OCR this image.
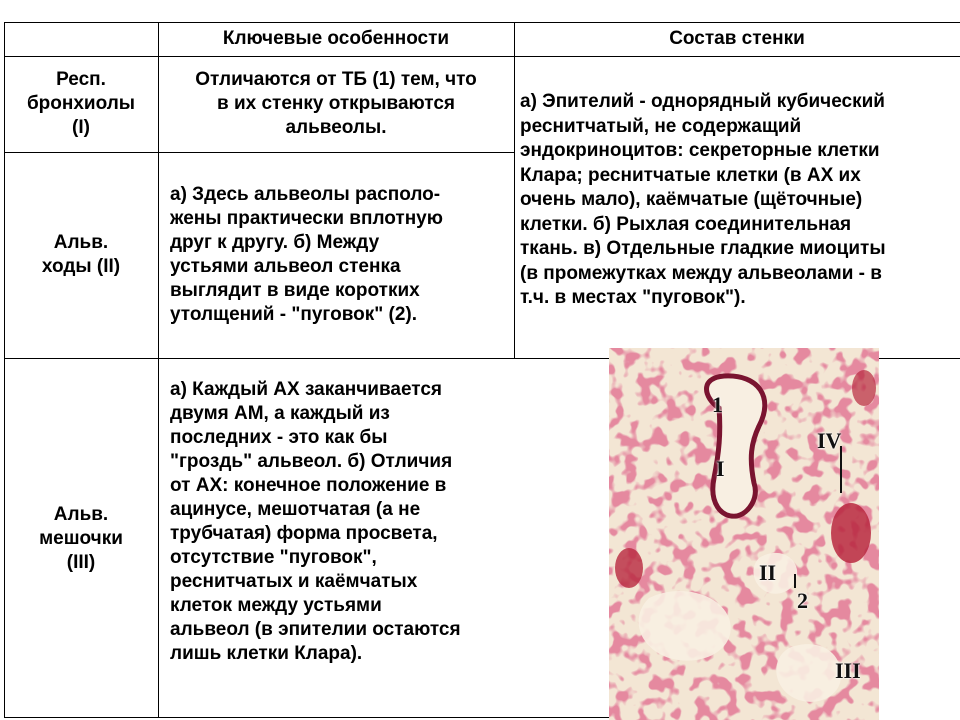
Ключевые особенности	Состав стенки
Респ.
бронхиолы
(I)
Отличаются от ТБ (1) тем, что
в их стенку открываются
альвеолы.
Альв.
ходы (II)
а) Здесь альвеолы располо-
жены практически вплотную
друг к другу. б) Между
устьями альвеол стенка
выглядит в виде коротких
утолщений - "пуговок" (2).
Альв.
мешочки
(III)
а) Каждый АХ заканчивается
двумя АМ, а каждый из
последних - это как бы
"гроздь" альвеол. б) Отличия
от АХ: конечное положение в
ацинусе, мешотчатая (а не
трубчатая) форма просвета,
отсутствие "пуговок",
реснитчатых и каёмчатых
клеток между устьями
альвеол (в эпителии остаются
лишь клетки Клара).
а) Эпителий - однорядный кубический
реснитчатый, не содержащий
эндокриноцитов: секреторные клетки
Клара; реснитчатые клетки (в АХ их
очень мало), каёмчатые (щёточные)
клетки. б) Рыхлая соединительная
ткань. в) Отдельные гладкие миоциты
(в промежутках между альвеолами - в
т.ч. в местах "пуговок").
1
I
IV
II
2
III
